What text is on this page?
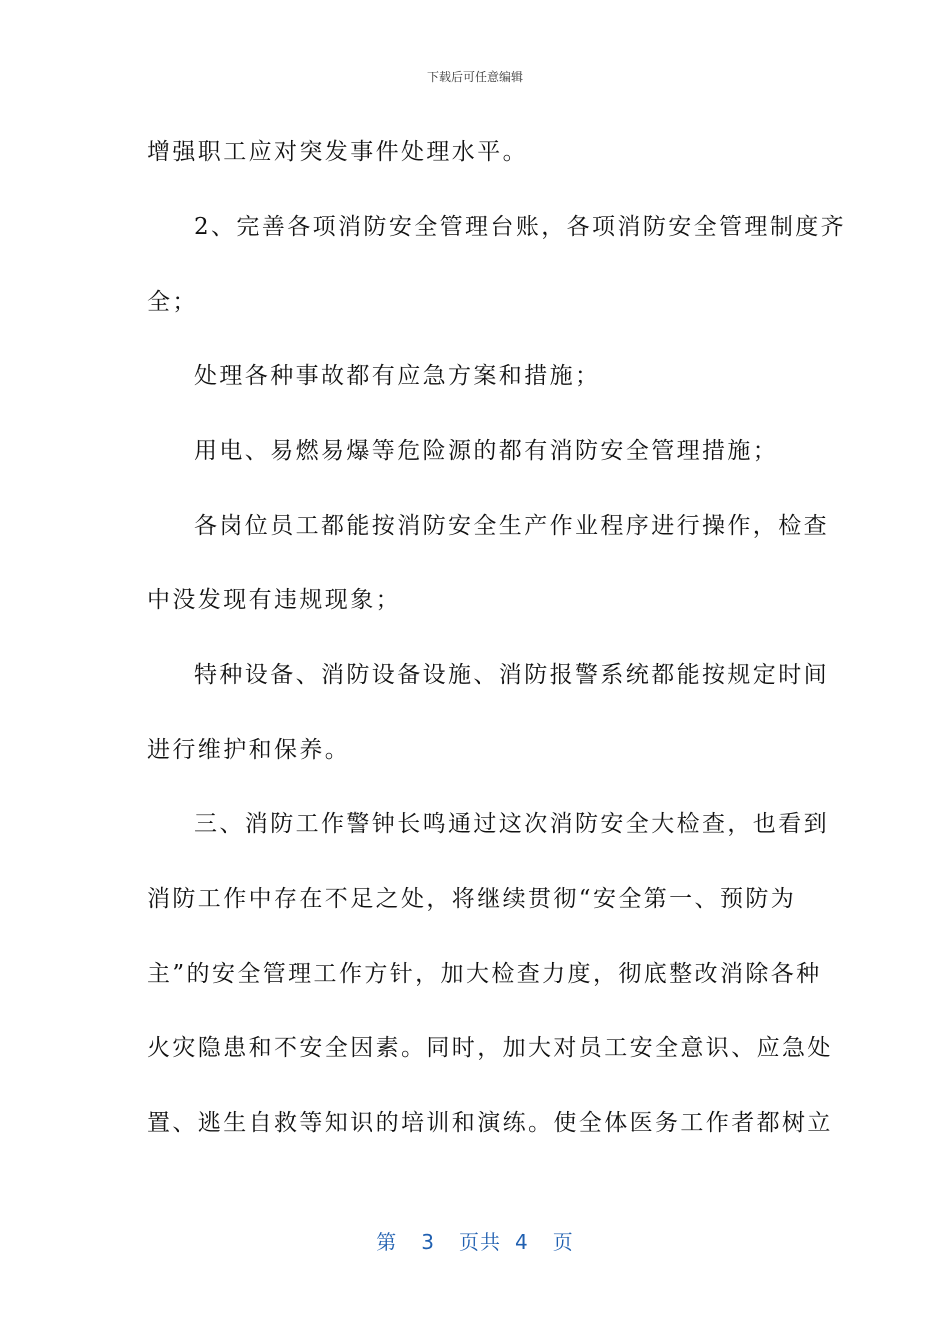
下载后可任意编辑
增强职工应对突发事件处理水平。
2、完善各项消防安全管理台账，各项消防安全管理制度齐
全；
处理各种事故都有应急方案和措施；
用电、易燃易爆等危险源的都有消防安全管理措施；
各岗位员工都能按消防安全生产作业程序进行操作，检查
中没发现有违规现象；
特种设备、消防设备设施、消防报警系统都能按规定时间
进行维护和保养。
三、消防工作警钟长鸣通过这次消防安全大检查，也看到
消防工作中存在不足之处，将继续贯彻“安全第一、预防为
主”的安全管理工作方针，加大检查力度，彻底整改消除各种
火灾隐患和不安全因素。同时，加大对员工安全意识、应急处
置、逃生自救等知识的培训和演练。使全体医务工作者都树立
第 3 页共 4 页
